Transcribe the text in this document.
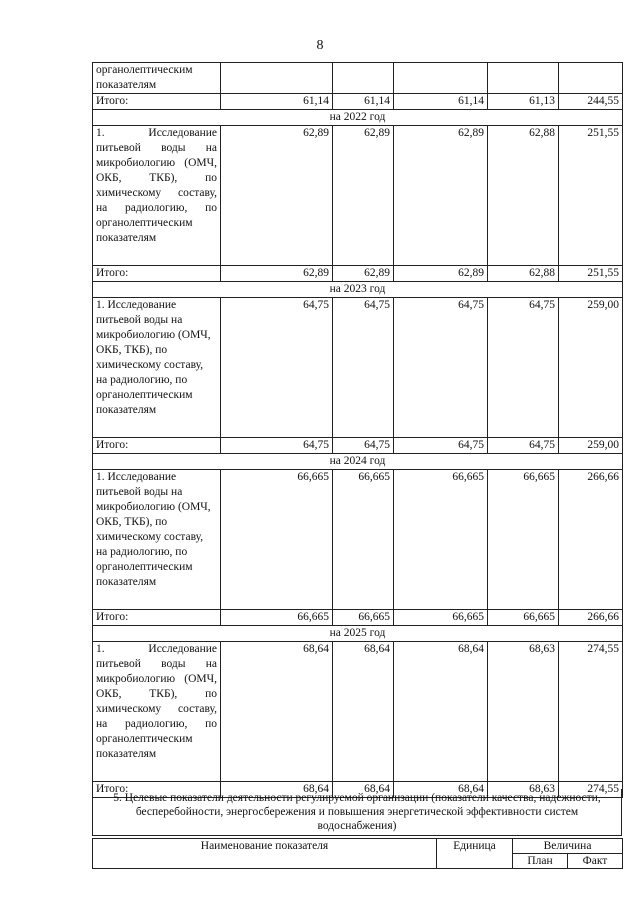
8
органолептическим показателям					
Итого:	61,14	61,14	61,14	61,13	244,55
на 2022 год					
1. Исследование питьевой воды на микробиологию (ОМЧ, ОКБ, ТКБ), по химическому составу, на радиологию, по органолептическим показателям	62,89	62,89	62,89	62,88	251,55
Итого:	62,89	62,89	62,89	62,88	251,55
на 2023 год					
1. Исследование питьевой воды на микробиологию (ОМЧ, ОКБ, ТКБ), по химическому составу, на радиологию, по органолептическим показателям	64,75	64,75	64,75	64,75	259,00
Итого:	64,75	64,75	64,75	64,75	259,00
на 2024 год					
1. Исследование питьевой воды на микробиологию (ОМЧ, ОКБ, ТКБ), по химическому составу, на радиологию, по органолептическим показателям	66,665	66,665	66,665	66,665	266,66
Итого:	66,665	66,665	66,665	66,665	266,66
на 2025 год					
1. Исследование питьевой воды на микробиологию (ОМЧ, ОКБ, ТКБ), по химическому составу, на радиологию, по органолептическим показателям	68,64	68,64	68,64	68,63	274,55
Итого:	68,64	68,64	68,64	68,63	274,55
5. Целевые показатели деятельности регулируемой организации (показатели качества, надежности, бесперебойности, энергосбережения и повышения энергетической эффективности систем водоснабжения)
Наименование показателя	Единица	Величина	
		План	Факт
